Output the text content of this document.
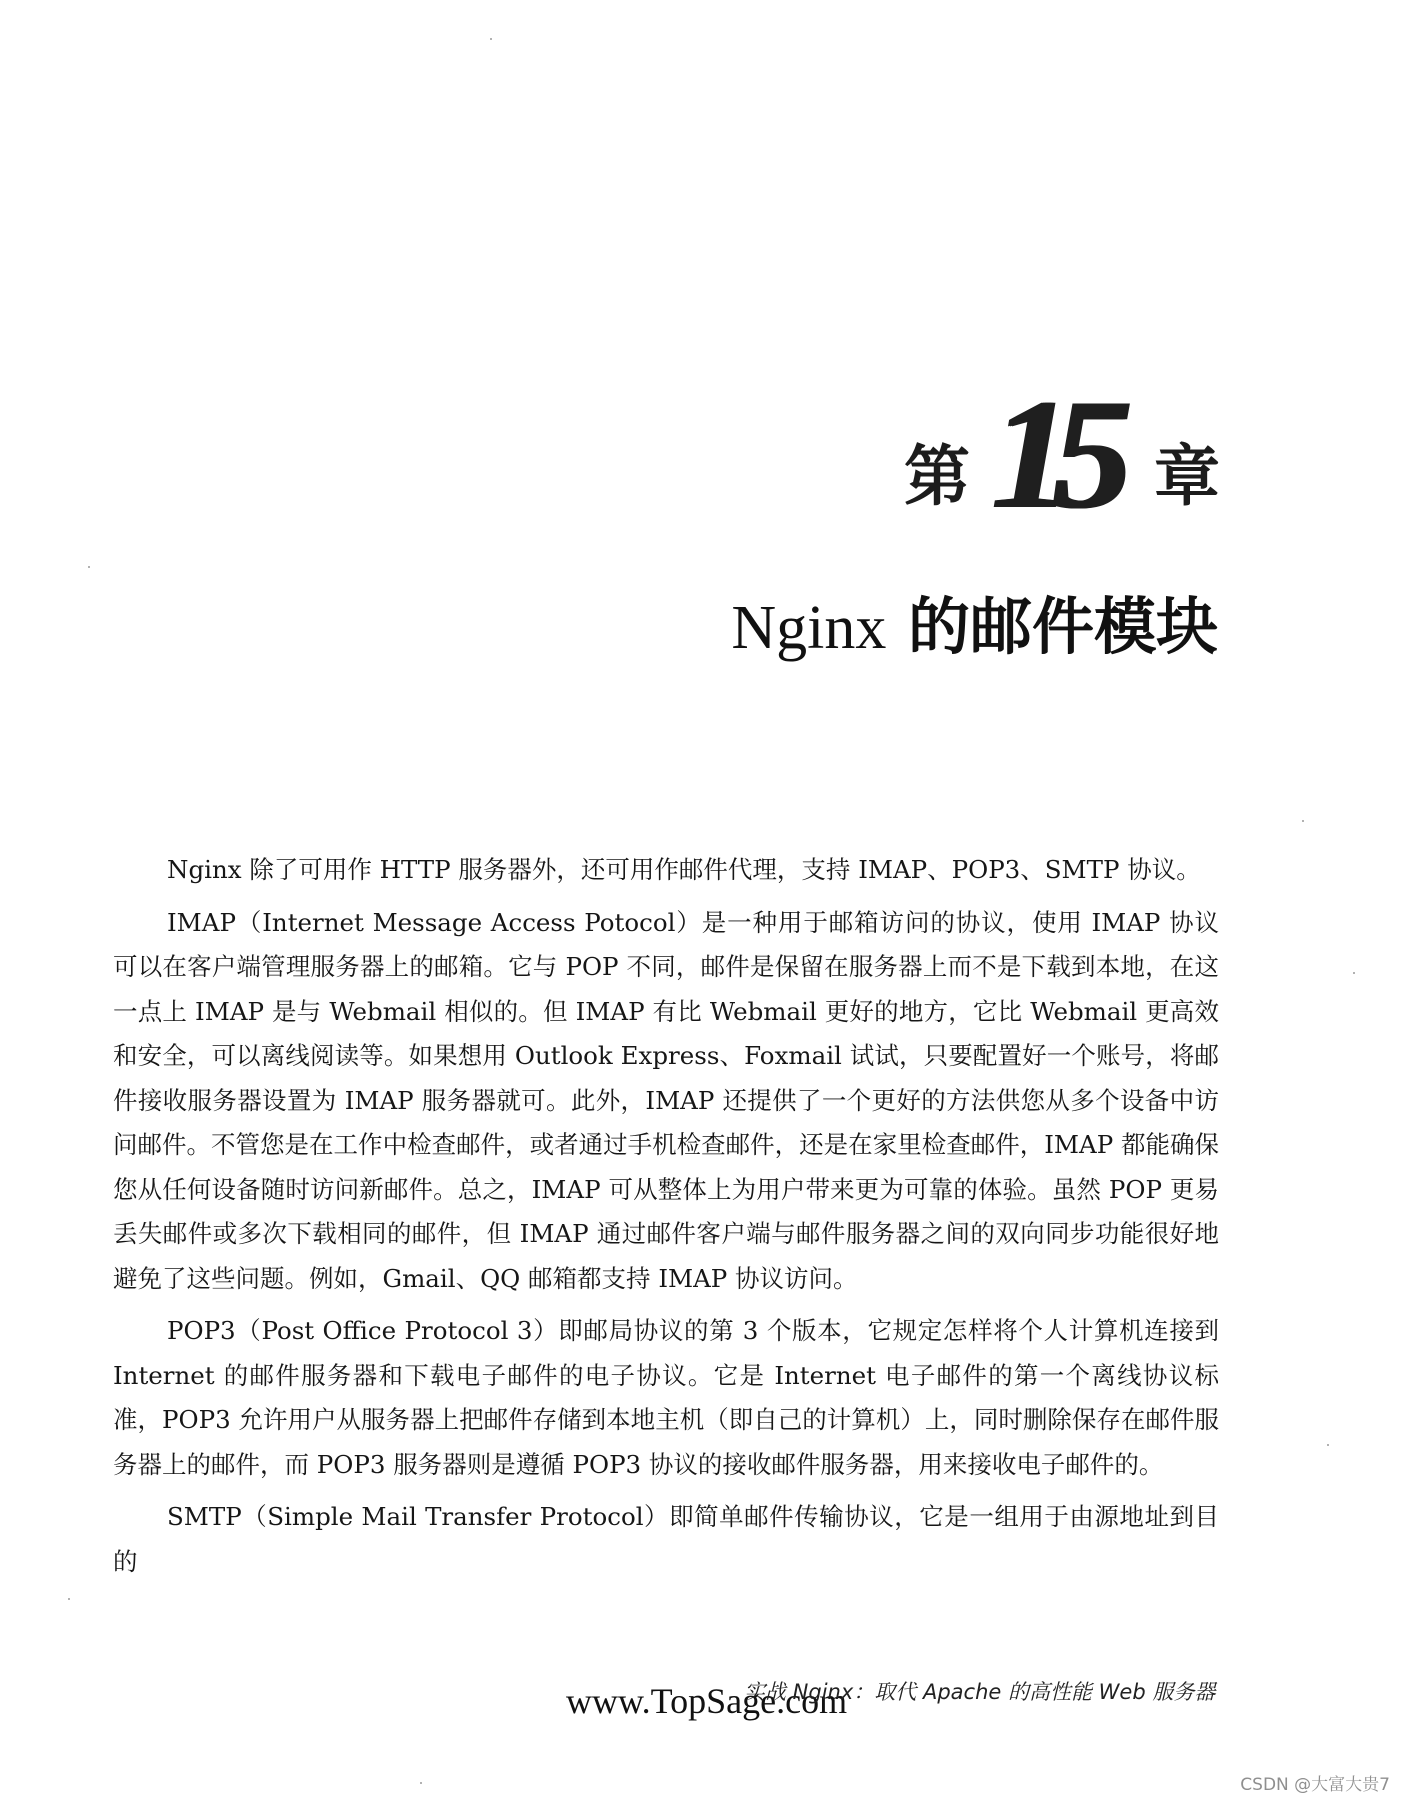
第 15 章
Nginx 的邮件模块

Nginx 除了可用作 HTTP 服务器外，还可用作邮件代理，支持 IMAP、POP3、SMTP 协议。

IMAP（Internet Message Access Potocol）是一种用于邮箱访问的协议，使用 IMAP 协议可以在客户端管理服务器上的邮箱。它与 POP 不同，邮件是保留在服务器上而不是下载到本地，在这一点上 IMAP 是与 Webmail 相似的。但 IMAP 有比 Webmail 更好的地方，它比 Webmail 更高效和安全，可以离线阅读等。如果想用 Outlook Express、Foxmail 试试，只要配置好一个账号，将邮件接收服务器设置为 IMAP 服务器就可。此外，IMAP 还提供了一个更好的方法供您从多个设备中访问邮件。不管您是在工作中检查邮件，或者通过手机检查邮件，还是在家里检查邮件，IMAP 都能确保您从任何设备随时访问新邮件。总之，IMAP 可从整体上为用户带来更为可靠的体验。虽然 POP 更易丢失邮件或多次下载相同的邮件，但 IMAP 通过邮件客户端与邮件服务器之间的双向同步功能很好地避免了这些问题。例如，Gmail、QQ 邮箱都支持 IMAP 协议访问。

POP3（Post Office Protocol 3）即邮局协议的第 3 个版本，它规定怎样将个人计算机连接到 Internet 的邮件服务器和下载电子邮件的电子协议。它是 Internet 电子邮件的第一个离线协议标准，POP3 允许用户从服务器上把邮件存储到本地主机（即自己的计算机）上，同时删除保存在邮件服务器上的邮件，而 POP3 服务器则是遵循 POP3 协议的接收邮件服务器，用来接收电子邮件的。

SMTP（Simple Mail Transfer Protocol）即简单邮件传输协议，它是一组用于由源地址到目的

www.TopSage.com
实战 Nginx：取代 Apache 的高性能 Web 服务器
CSDN @大富大贵7
